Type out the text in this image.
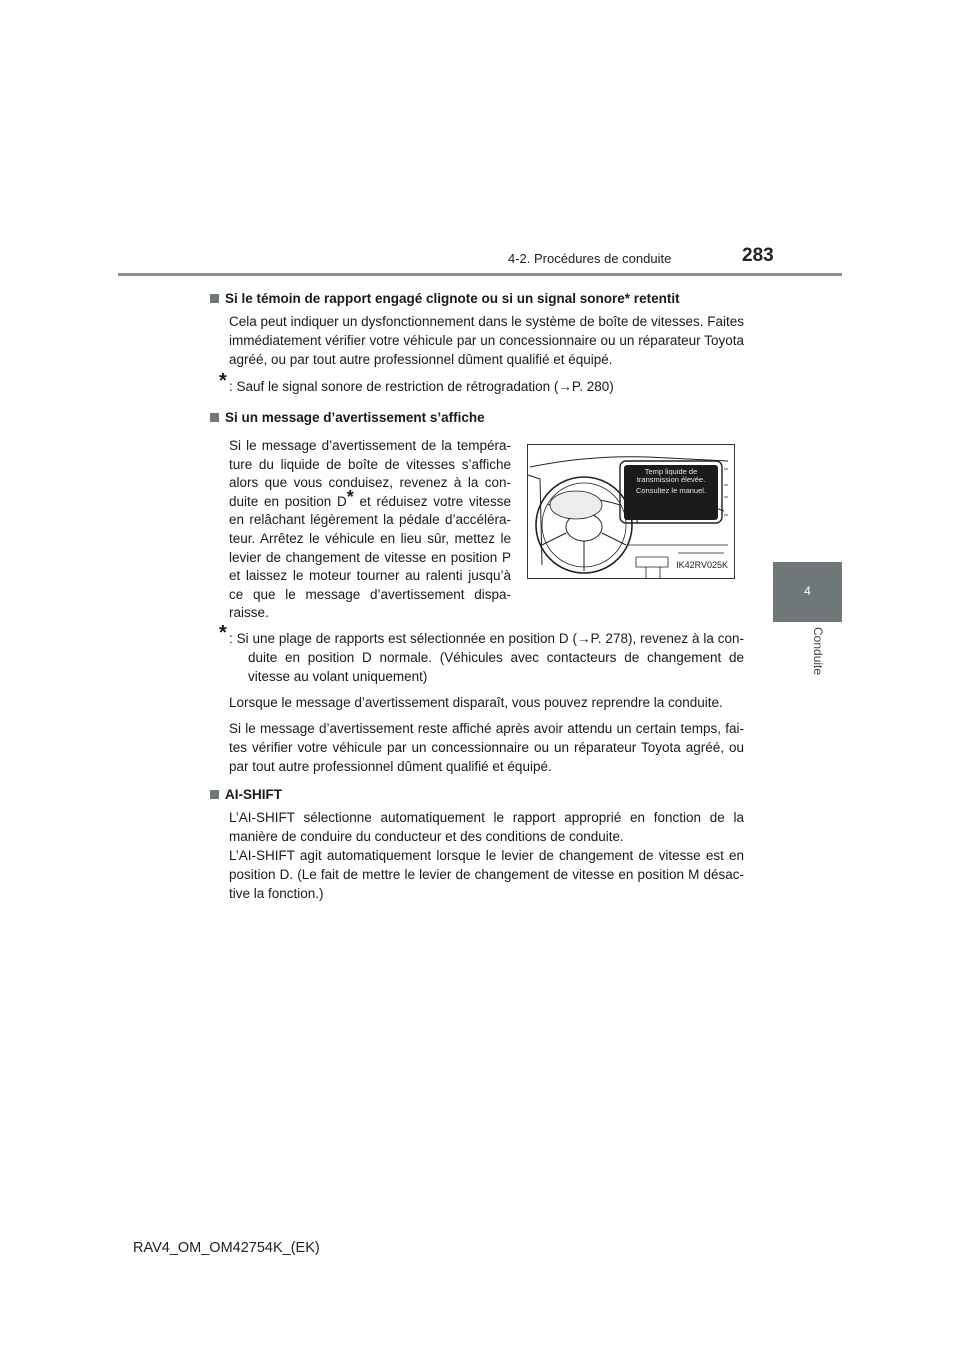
4-2. Procédures de conduite	283
4
Conduite
Si le témoin de rapport engagé clignote ou si un signal sonore* retentit
Cela peut indiquer un dysfonctionnement dans le système de boîte de vitesses. Faites immédiatement vérifier votre véhicule par un concessionnaire ou un réparateur Toyota agréé, ou par tout autre professionnel dûment qualifié et équipé.
* : Sauf le signal sonore de restriction de rétrogradation (→P. 280)
Si un message d’avertissement s’affiche
Si le message d’avertissement de la tempéra-ture du liquide de boîte de vitesses s’affiche alors que vous conduisez, revenez à la con-duite en position D* et réduisez votre vitesse en relâchant légèrement la pédale d’accéléra-teur. Arrêtez le véhicule en lieu sûr, mettez le levier de changement de vitesse en position P et laissez le moteur tourner au ralenti jusqu’à ce que le message d’avertissement dispa-raisse.
Temp liquide de transmission élevée.
Consultez le manuel.
IK42RV025K
* : Si une plage de rapports est sélectionnée en position D (→P. 278), revenez à la con-duite en position D normale. (Véhicules avec contacteurs de changement de vitesse au volant uniquement)
Lorsque le message d’avertissement disparaît, vous pouvez reprendre la conduite.
Si le message d’avertissement reste affiché après avoir attendu un certain temps, fai-tes vérifier votre véhicule par un concessionnaire ou un réparateur Toyota agréé, ou par tout autre professionnel dûment qualifié et équipé.
AI-SHIFT
L’AI-SHIFT sélectionne automatiquement le rapport approprié en fonction de la manière de conduire du conducteur et des conditions de conduite.
L’AI-SHIFT agit automatiquement lorsque le levier de changement de vitesse est en position D. (Le fait de mettre le levier de changement de vitesse en position M désac-tive la fonction.)
RAV4_OM_OM42754K_(EK)
